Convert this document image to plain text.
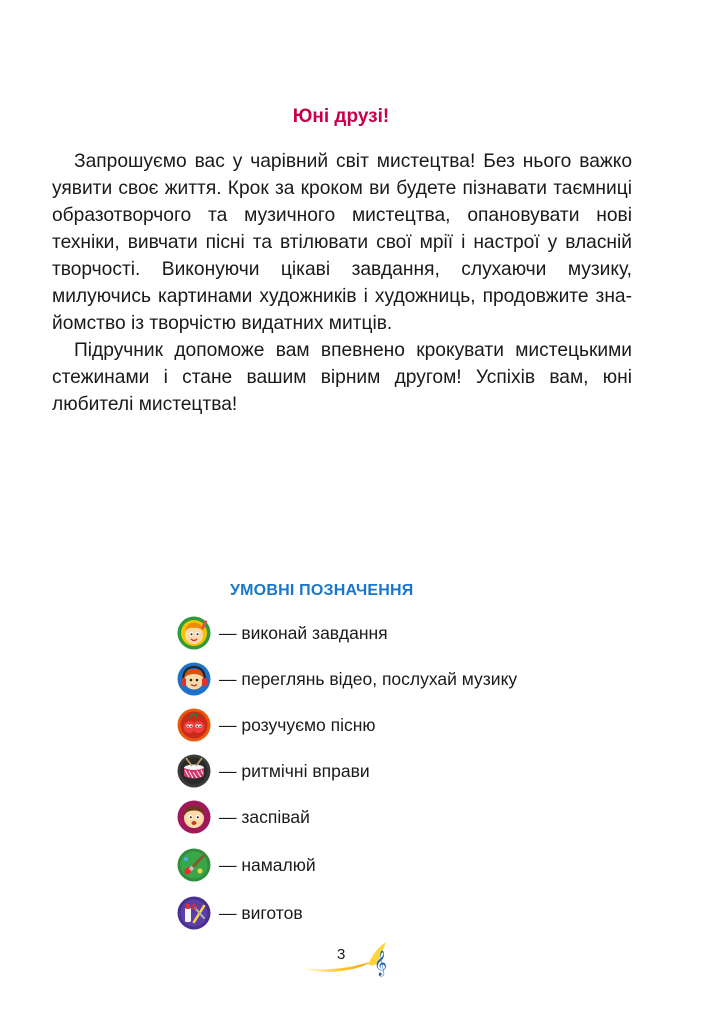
Юні друзі!

Запрошуємо вас у чарівний світ мистецтва! Без нього важко уявити своє життя. Крок за кроком ви будете пізнавати таємниці образотворчого та музичного мистецтва, опановувати нові техніки, вивчати пісні та втілювати свої мрії і настрої у власній творчості. Виконуючи цікаві завдання, слухаючи музику, милуючись картинами художників і художниць, продовжите знайомство із творчістю видатних митців.

Підручник допоможе вам впевнено крокувати мистецькими стежинами і стане вашим вірним другом! Успіхів вам, юні любителі мистецтва!

УМОВНІ ПОЗНАЧЕННЯ
— виконай завдання
— переглянь відео, послухай музику
— розучуємо пісню
— ритмічні вправи
— заспівай
— намалюй
— виготов
𝄞
3
